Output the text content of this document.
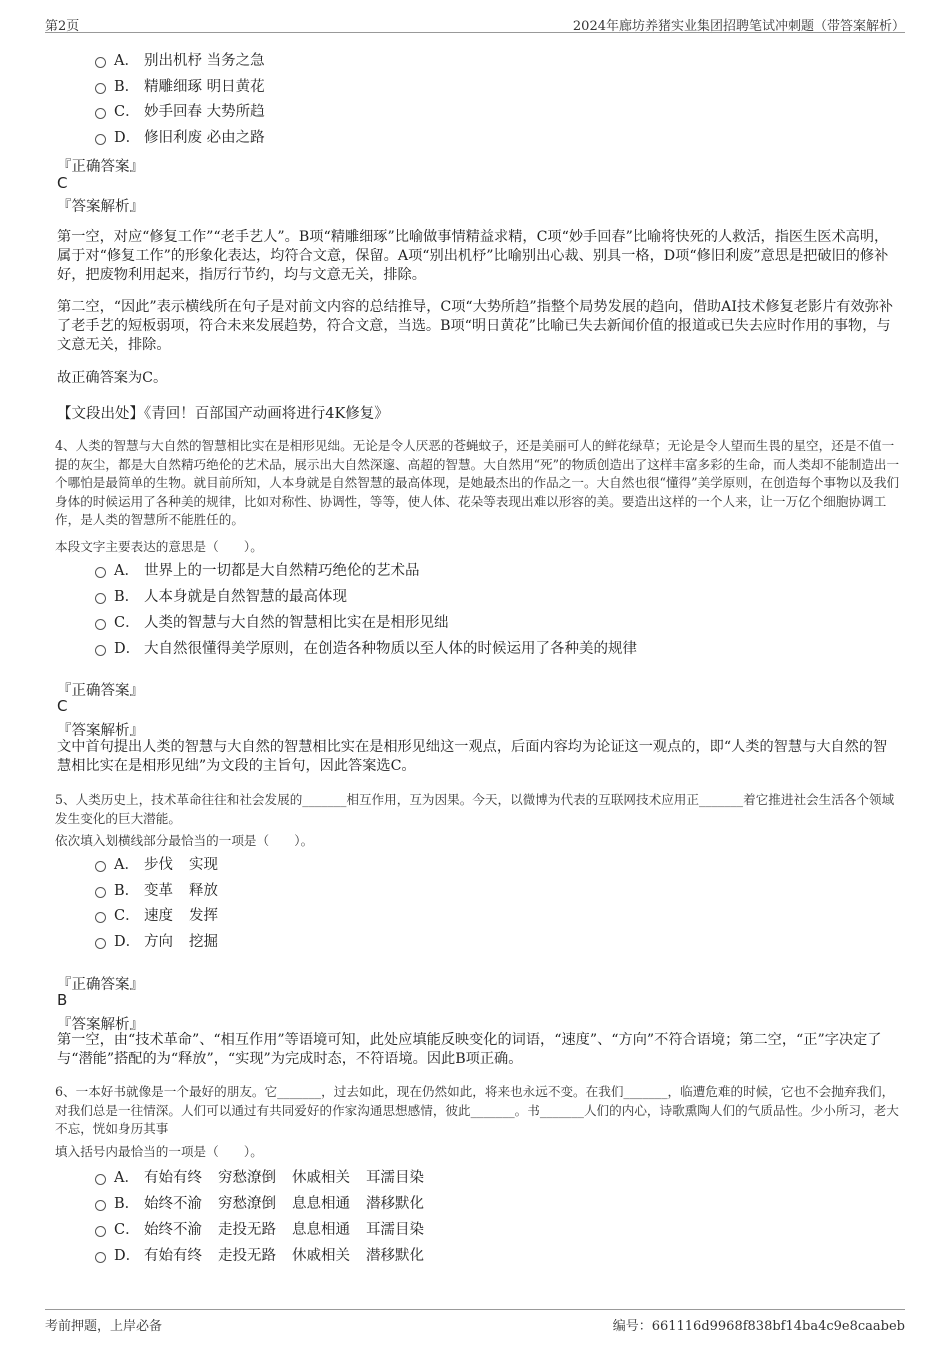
第2页	2024年廊坊养猪实业集团招聘笔试冲刺题（带答案解析）
A． 别出机杼 当务之急
B． 精雕细琢 明日黄花
C． 妙手回春 大势所趋
D． 修旧利废 必由之路
『正确答案』
C
『答案解析』
第一空，对应“修复工作”“老手艺人”。B项“精雕细琢”比喻做事情精益求精，C项“妙手回春”比喻将快死的人救活，指医生医术高明，属于对“修复工作”的形象化表达，均符合文意，保留。A项“别出机杼”比喻别出心裁、别具一格，D项“修旧利废”意思是把破旧的修补好，把废物利用起来，指厉行节约，均与文意无关，排除。
第二空，“因此”表示横线所在句子是对前文内容的总结推导，C项“大势所趋”指整个局势发展的趋向，借助AI技术修复老影片有效弥补了老手艺的短板弱项，符合未来发展趋势，符合文意，当选。B项“明日黄花”比喻已失去新闻价值的报道或已失去应时作用的事物，与文意无关，排除。
故正确答案为C。
【文段出处】《青回！百部国产动画将进行4K修复》
4、人类的智慧与大自然的智慧相比实在是相形见绌。无论是令人厌恶的苍蝇蚊子，还是美丽可人的鲜花绿草；无论是令人望而生畏的星空，还是不值一提的灰尘，都是大自然精巧绝伦的艺术品，展示出大自然深邃、高超的智慧。大自然用“死”的物质创造出了这样丰富多彩的生命，而人类却不能制造出一个哪怕是最简单的生物。就目前所知，人本身就是自然智慧的最高体现，是她最杰出的作品之一。大自然也很“懂得”美学原则，在创造每个事物以及我们身体的时候运用了各种美的规律，比如对称性、协调性，等等，使人体、花朵等表现出难以形容的美。要造出这样的一个人来，让一万亿个细胞协调工作，是人类的智慧所不能胜任的。
本段文字主要表达的意思是（　　）。
A． 世界上的一切都是大自然精巧绝伦的艺术品
B． 人本身就是自然智慧的最高体现
C． 人类的智慧与大自然的智慧相比实在是相形见绌
D． 大自然很懂得美学原则，在创造各种物质以至人体的时候运用了各种美的规律
『正确答案』
C
『答案解析』
文中首句提出人类的智慧与大自然的智慧相比实在是相形见绌这一观点，后面内容均为论证这一观点的，即“人类的智慧与大自然的智慧相比实在是相形见绌”为文段的主旨句，因此答案选C。
5、人类历史上，技术革命往往和社会发展的_______相互作用，互为因果。今天，以微博为代表的互联网技术应用正_______着它推进社会生活各个领域发生变化的巨大潜能。
依次填入划横线部分最恰当的一项是（　　）。
A． 步伐 实现
B． 变革 释放
C． 速度 发挥
D． 方向 挖掘
『正确答案』
B
『答案解析』
第一空，由“技术革命”、“相互作用”等语境可知，此处应填能反映变化的词语，“速度”、“方向”不符合语境；第二空，“正”字决定了与“潜能”搭配的为“释放”，“实现”为完成时态，不符语境。因此B项正确。
6、一本好书就像是一个最好的朋友。它_______，过去如此，现在仍然如此，将来也永远不变。在我们_______，临遭危难的时候，它也不会抛弃我们，对我们总是一往情深。人们可以通过有共同爱好的作家沟通思想感情，彼此_______。书_______人们的内心，诗歌熏陶人们的气质品性。少小所习，老大不忘，恍如身历其事
填入括号内最恰当的一项是（　　）。
A． 有始有终 穷愁潦倒 休戚相关 耳濡目染
B． 始终不渝 穷愁潦倒 息息相通 潜移默化
C． 始终不渝 走投无路 息息相通 耳濡目染
D． 有始有终 走投无路 休戚相关 潜移默化
考前押题，上岸必备	编号：661116d9968f838bf14ba4c9e8caabeb
